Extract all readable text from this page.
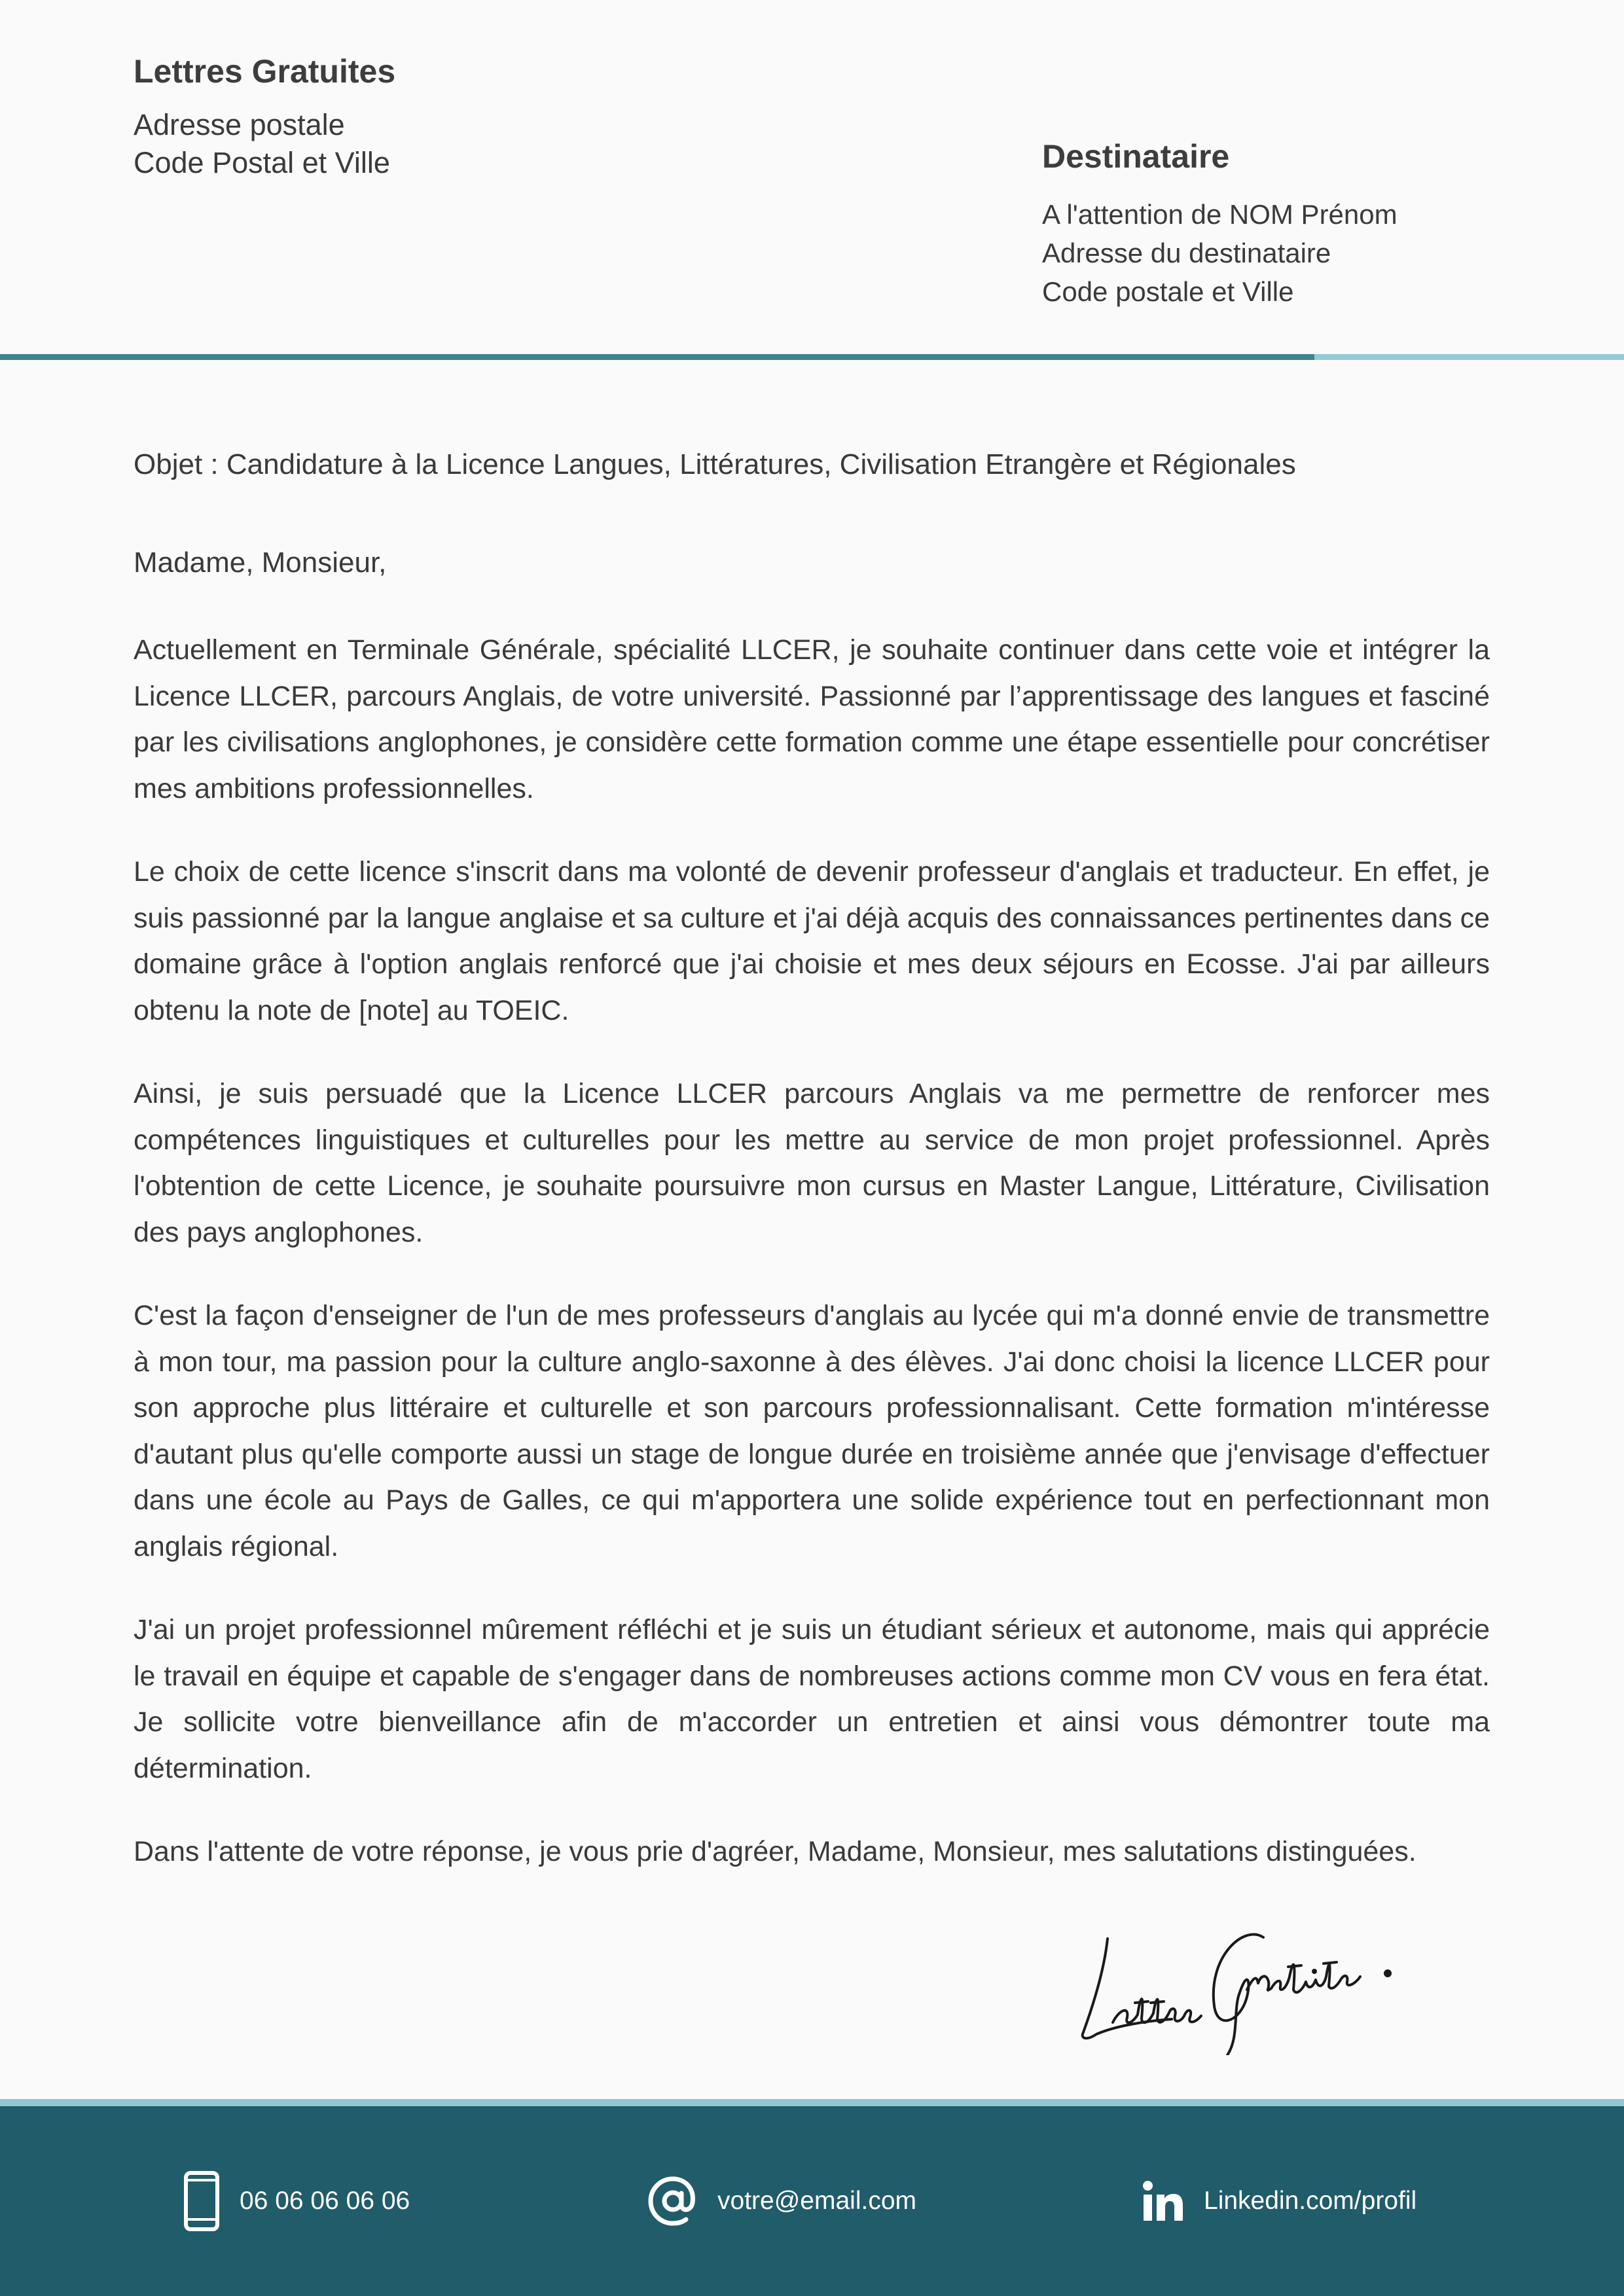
Lettres Gratuites
Adresse postale
Code Postal et Ville	Destinataire
A l'attention de NOM Prénom
Adresse du destinataire
Code postale et Ville

Objet : Candidature à la Licence Langues, Littératures, Civilisation Etrangère et Régionales

Madame, Monsieur,

Actuellement en Terminale Générale, spécialité LLCER, je souhaite continuer dans cette voie et intégrer la Licence LLCER, parcours Anglais, de votre université. Passionné par l’apprentissage des langues et fasciné par les civilisations anglophones, je considère cette formation comme une étape essentielle pour concrétiser mes ambitions professionnelles.

Le choix de cette licence s'inscrit dans ma volonté de devenir professeur d'anglais et traducteur. En effet, je suis passionné par la langue anglaise et sa culture et j'ai déjà acquis des connaissances pertinentes dans ce domaine grâce à l'option anglais renforcé que j'ai choisie et mes deux séjours en Ecosse. J'ai par ailleurs obtenu la note de [note] au TOEIC.

Ainsi, je suis persuadé que la Licence LLCER parcours Anglais va me permettre de renforcer mes compétences linguistiques et culturelles pour les mettre au service de mon projet professionnel. Après l'obtention de cette Licence, je souhaite poursuivre mon cursus en Master Langue, Littérature, Civilisation des pays anglophones.

C'est la façon d'enseigner de l'un de mes professeurs d'anglais au lycée qui m'a donné envie de transmettre à mon tour, ma passion pour la culture anglo-saxonne à des élèves. J'ai donc choisi la licence LLCER pour son approche plus littéraire et culturelle et son parcours professionnalisant. Cette formation m'intéresse d'autant plus qu'elle comporte aussi un stage de longue durée en troisième année que j'envisage d'effectuer dans une école au Pays de Galles, ce qui m'apportera une solide expérience tout en perfectionnant mon anglais régional.

J'ai un projet professionnel mûrement réfléchi et je suis un étudiant sérieux et autonome, mais qui apprécie le travail en équipe et capable de s'engager dans de nombreuses actions comme mon CV vous en fera état. Je sollicite votre bienveillance afin de m'accorder un entretien et ainsi vous démontrer toute ma détermination.

Dans l'attente de votre réponse, je vous prie d'agréer, Madame, Monsieur, mes salutations distinguées.

06 06 06 06 06	votre@email.com	Linkedin.com/profil
